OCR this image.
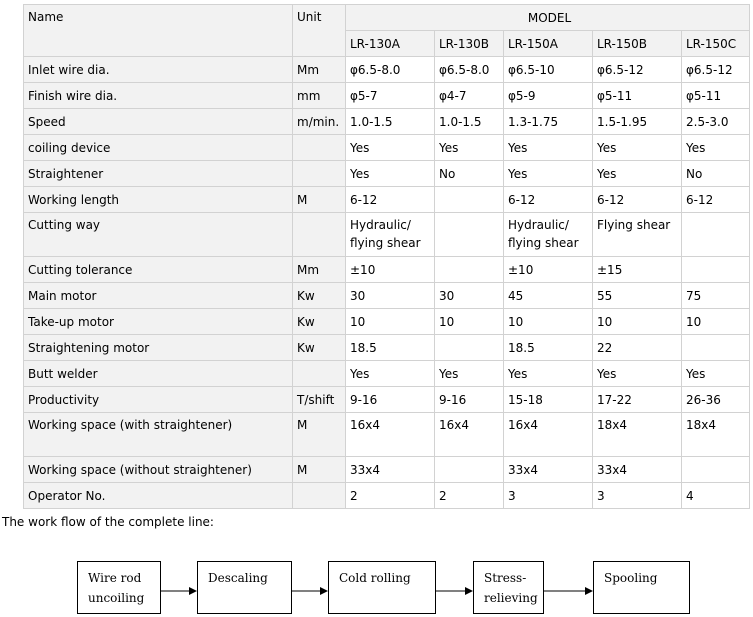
Name	Unit	MODEL				
		LR-130A	LR-130B	LR-150A	LR-150B	LR-150C
Inlet wire dia.	Mm	φ6.5-8.0	φ6.5-8.0	φ6.5-10	φ6.5-12	φ6.5-12
Finish wire dia.	mm	φ5-7	φ4-7	φ5-9	φ5-11	φ5-11
Speed	m/min.	1.0-1.5	1.0-1.5	1.3-1.75	1.5-1.95	2.5-3.0
coiling device		Yes	Yes	Yes	Yes	Yes
Straightener		Yes	No	Yes	Yes	No
Working length	M	6-12		6-12	6-12	6-12
Cutting way		Hydraulic/ flying shear		Hydraulic/ flying shear	Flying shear	
Cutting tolerance	Mm	±10		±10	±15	
Main motor	Kw	30	30	45	55	75
Take-up motor	Kw	10	10	10	10	10
Straightening motor	Kw	18.5		18.5	22	
Butt welder		Yes	Yes	Yes	Yes	Yes
Productivity	T/shift	9-16	9-16	15-18	17-22	26-36
Working space (with straightener)	M	16x4	16x4	16x4	18x4	18x4
Working space (without straightener)	M	33x4		33x4	33x4	
Operator No.		2	2	3	3	4
The work flow of the complete line:
Wire rod uncoiling
Descaling	Cold rolling	Stress-relieving
Spooling
